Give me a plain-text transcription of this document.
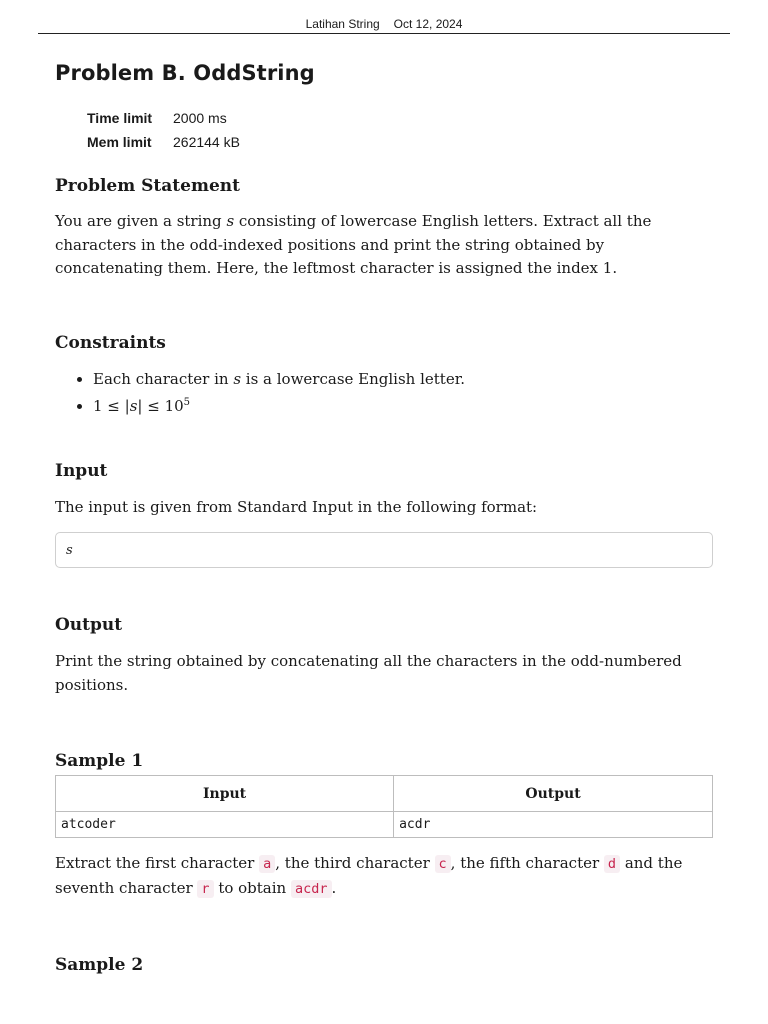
Latihan String Oct 12, 2024
Problem B. OddString
Time limit	2000 ms
Mem limit	262144 kB
Problem Statement

You are given a string s consisting of lowercase English letters. Extract all the characters in the odd-indexed positions and print the string obtained by concatenating them. Here, the leftmost character is assigned the index 1.

Constraints
• Each character in s is a lowercase English letter.
• $1 \le |s| \le 10^5$
Input

The input is given from Standard Input in the following format:

s
Output

Print the string obtained by concatenating all the characters in the odd-numbered positions.

Sample 1
Input	Output
atcoder	acdr

Extract the first character a , the third character c , the fifth character d and the seventh character r to obtain acdr .

Sample 2
